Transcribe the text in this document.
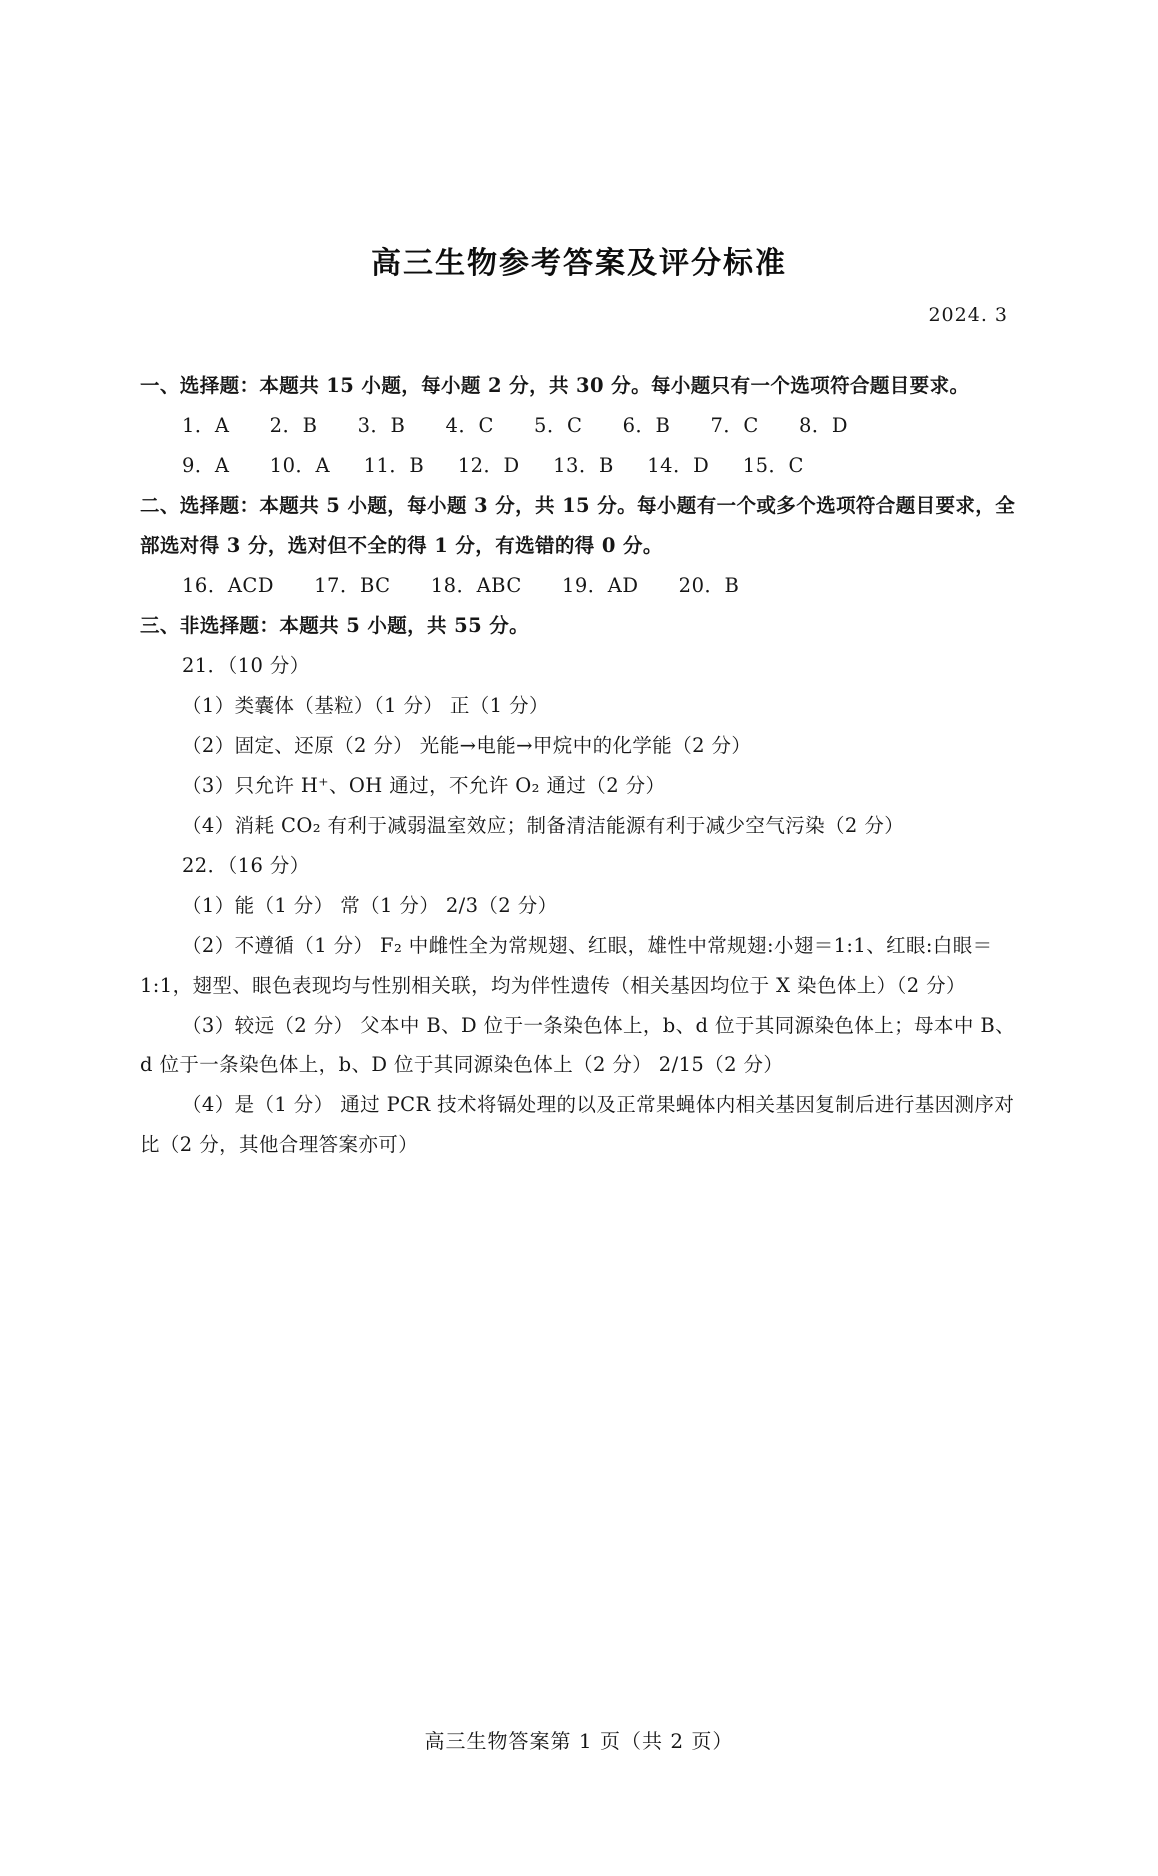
高三生物参考答案及评分标准
2024. 3
一、选择题：本题共 15 小题，每小题 2 分，共 30 分。每小题只有一个选项符合题目要求。
1．A      2．B      3．B      4．C      5．C      6．B      7．C      8．D
9．A      10．A     11．B     12．D     13．B     14．D     15．C
二、选择题：本题共 5 小题，每小题 3 分，共 15 分。每小题有一个或多个选项符合题目要求，全部选对得 3 分，选对但不全的得 1 分，有选错的得 0 分。
16．ACD      17．BC      18．ABC      19．AD      20．B
三、非选择题：本题共 5 小题，共 55 分。
21．（10 分）
（1）类囊体（基粒）（1 分） 正（1 分）
（2）固定、还原（2 分） 光能→电能→甲烷中的化学能（2 分）
（3）只允许 H⁺、OH 通过，不允许 O₂ 通过（2 分）
（4）消耗 CO₂ 有利于减弱温室效应；制备清洁能源有利于减少空气污染（2 分）
22．（16 分）
（1）能（1 分） 常（1 分） 2/3（2 分）
（2）不遵循（1 分） F₂ 中雌性全为常规翅、红眼，雄性中常规翅:小翅＝1:1、红眼:白眼＝1:1，翅型、眼色表现均与性别相关联，均为伴性遗传（相关基因均位于 X 染色体上）（2 分）
（3）较远（2 分） 父本中 B、D 位于一条染色体上，b、d 位于其同源染色体上；母本中 B、d 位于一条染色体上，b、D 位于其同源染色体上（2 分） 2/15（2 分）
（4）是（1 分） 通过 PCR 技术将镉处理的以及正常果蝇体内相关基因复制后进行基因测序对比（2 分，其他合理答案亦可）
高三生物答案第 1 页（共 2 页）
